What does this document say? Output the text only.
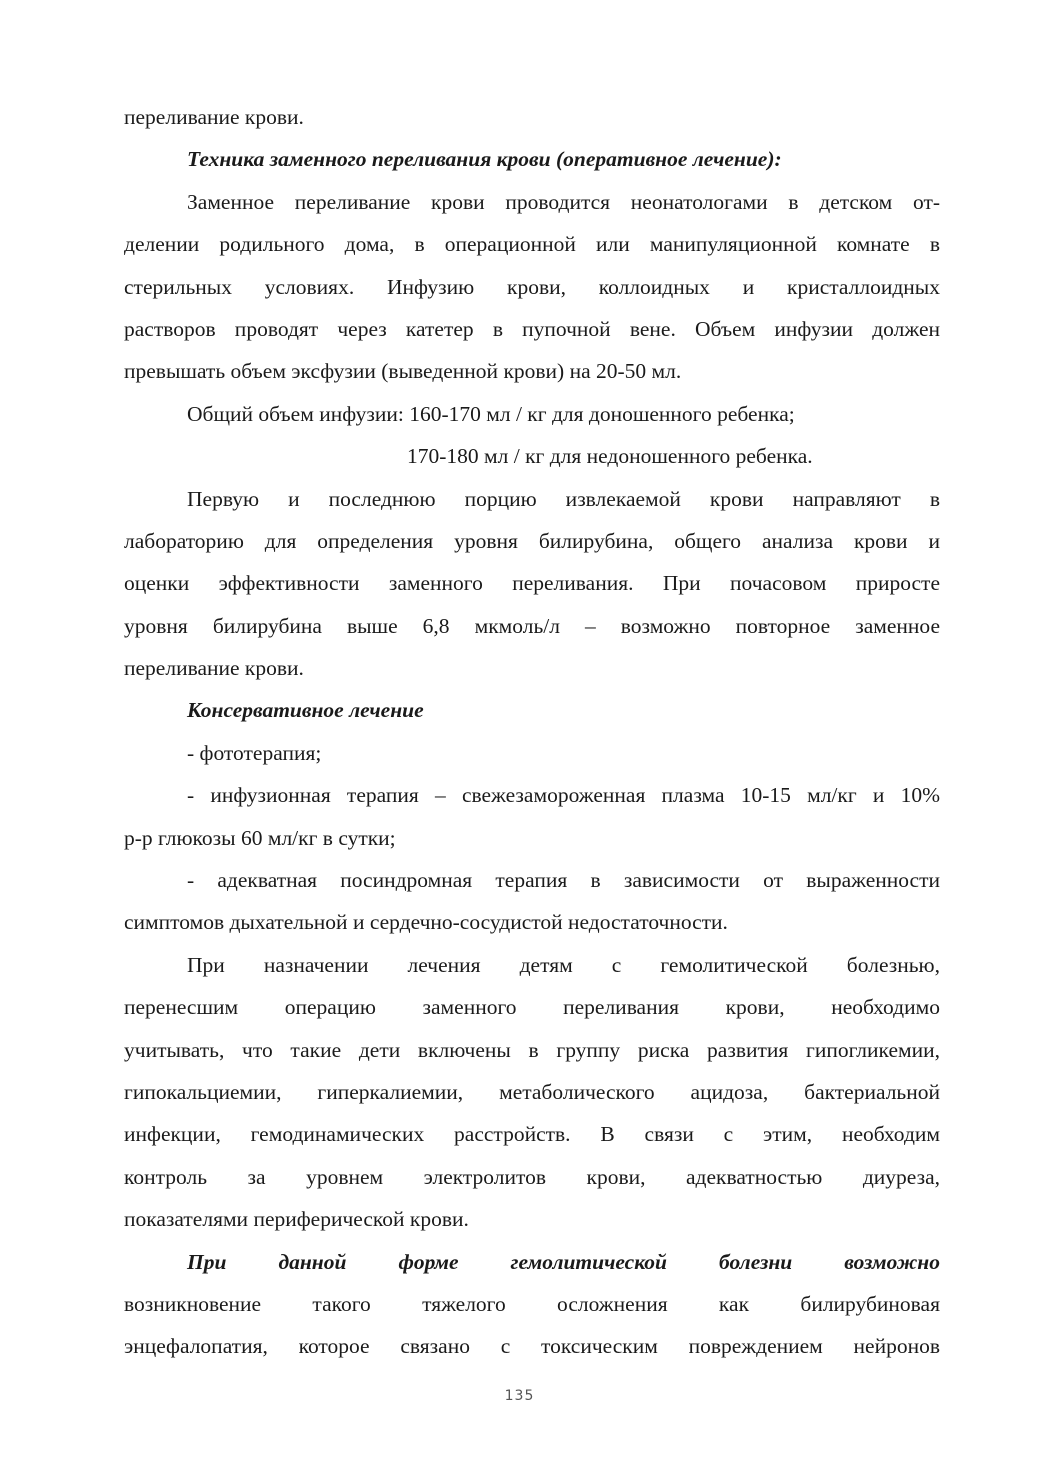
переливание крови.
Техника заменного переливания крови (оперативное лечение):
Заменное переливание крови проводится неонатологами в детском от-
делении родильного дома, в операционной или манипуляционной комнате в
стерильных условиях. Инфузию крови, коллоидных и кристаллоидных
растворов проводят через катетер в пупочной вене. Объем инфузии должен
превышать объем эксфузии (выведенной крови) на 20-50 мл.
Общий объем инфузии: 160-170 мл / кг для доношенного ребенка;
170-180 мл / кг для недоношенного ребенка.
Первую и последнюю порцию извлекаемой крови направляют в
лабораторию для определения уровня билирубина, общего анализа крови и
оценки эффективности заменного переливания. При почасовом приросте
уровня билирубина выше 6,8 мкмоль/л – возможно повторное заменное
переливание крови.
Консервативное лечение
- фототерапия;
- инфузионная терапия – свежезамороженная плазма 10-15 мл/кг и 10%
р-р глюкозы 60 мл/кг в сутки;
- адекватная посиндромная терапия в зависимости от выраженности
симптомов дыхательной и сердечно-сосудистой недостаточности.
При назначении лечения детям с гемолитической болезнью,
перенесшим операцию заменного переливания крови, необходимо
учитывать, что такие дети включены в группу риска развития гипогликемии,
гипокальциемии, гиперкалиемии, метаболического ацидоза, бактериальной
инфекции, гемодинамических расстройств. В связи с этим, необходим
контроль за уровнем электролитов крови, адекватностью диуреза,
показателями периферической крови.
При данной форме гемолитической болезни возможно
возникновение такого тяжелого осложнения как билирубиновая
энцефалопатия, которое связано с токсическим повреждением нейронов
135
